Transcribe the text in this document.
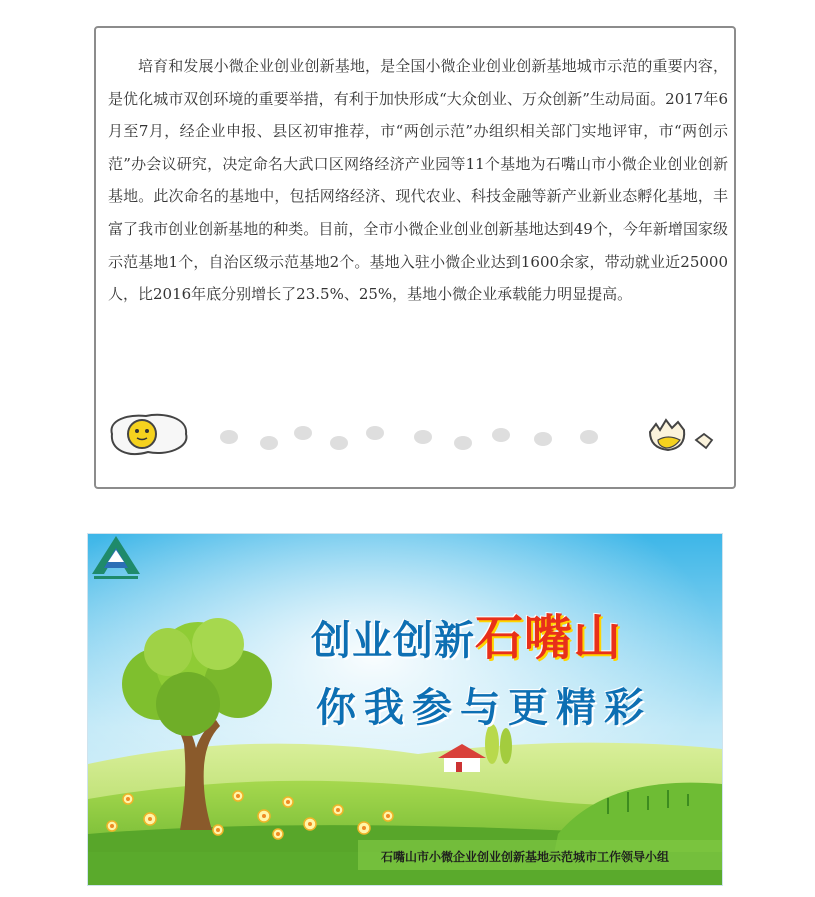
培育和发展小微企业创业创新基地，是全国小微企业创业创新基地城市示范的重要内容，是优化城市双创环境的重要举措，有利于加快形成“大众创业、万众创新”生动局面。2017年6月至7月，经企业申报、县区初审推荐，市“两创示范”办组织相关部门实地评审，市“两创示范”办会议研究，决定命名大武口区网络经济产业园等11个基地为石嘴山市小微企业创业创新基地。此次命名的基地中，包括网络经济、现代农业、科技金融等新产业新业态孵化基地，丰富了我市创业创新基地的种类。目前，全市小微企业创业创新基地达到49个，今年新增国家级示范基地1个，自治区级示范基地2个。基地入驻小微企业达到1600余家，带动就业近25000人，比2016年底分别增长了23.5%、25%，基地小微企业承载能力明显提高。

创业创新石嘴山
你我参与更精彩
石嘴山市小微企业创业创新基地示范城市工作领导小组
